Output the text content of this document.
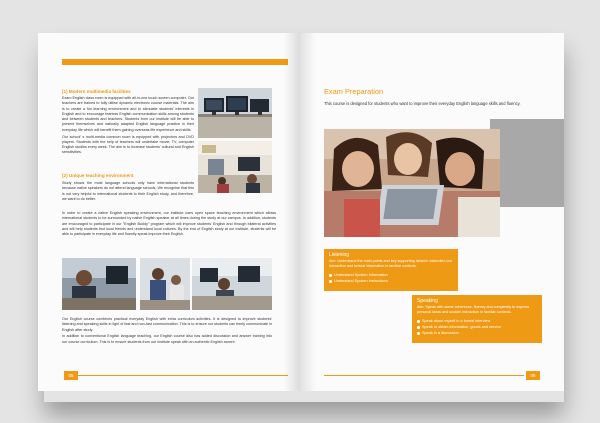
(1) Modern multimedia facilities

Exam English class room is equipped with all-in-one touch screen computer. Our teachers are trained to fully utilise dynamic electronic course materials. The aim is to create a fun learning environment and to stimulate students' interests in English and to encourage fearless English communication skills among students and between students and teachers. Students from our institute will be able to present themselves and naturally adapted English language practice in their everyday life which will benefit them gaining overseas life experience and skills.

Our school' s multi-media common room is equipped with projectors and DVD players. Students with the help of teachers will undertake movie, TV, computer English studies every week. The aim is to increase students' cultural and English sensitivities.

(2) Unique teaching environment

Study shows the most language schools only have international students because native speakers do not attend language schools. We recognise that this is not very helpful to international students to their English study, and therefore, we want to do better.

In order to create a native English speaking environment, our institute uses open space teaching environment which allows international students to be surrounded by native English speaker at all times during the study at our campus. In addition, students are encouraged to participate in our "English Buddy" program which will improve students' English and through bilateral activities and will help students find local friends and understand local cultures. By the end of English study at our institute, students will be able to participate in everyday life and fluently speak improve their English.

Our English course combines practical everyday English with extra curriculum activities. It is designed to improve students' listening and speaking skills in light of fast and non-fast communication. This is to ensure our students can freely communicate in English after study.

In addition to conventional English language teaching, our English course also has added discussion and answer training into our course curriculum. This is to ensure students from our institute speak with an authentic English accent.

05
Exam Preparation
This course is designed for students who want to improve their everyday English language skills and fluency.
Listening
Aim: Understand the main points and key supporting detail in extended oral interaction and textual information in familiar contexts.
Understand Spoken Information
Understand Spoken Instructions
Speaking
Aim: Speak with some coherence, fluency and complexity to express personal ideas and sustain interaction in familiar contexts.
Speak about myself in a formal interview
Speak to obtain information, goods and service
Speak in a discussion
06
